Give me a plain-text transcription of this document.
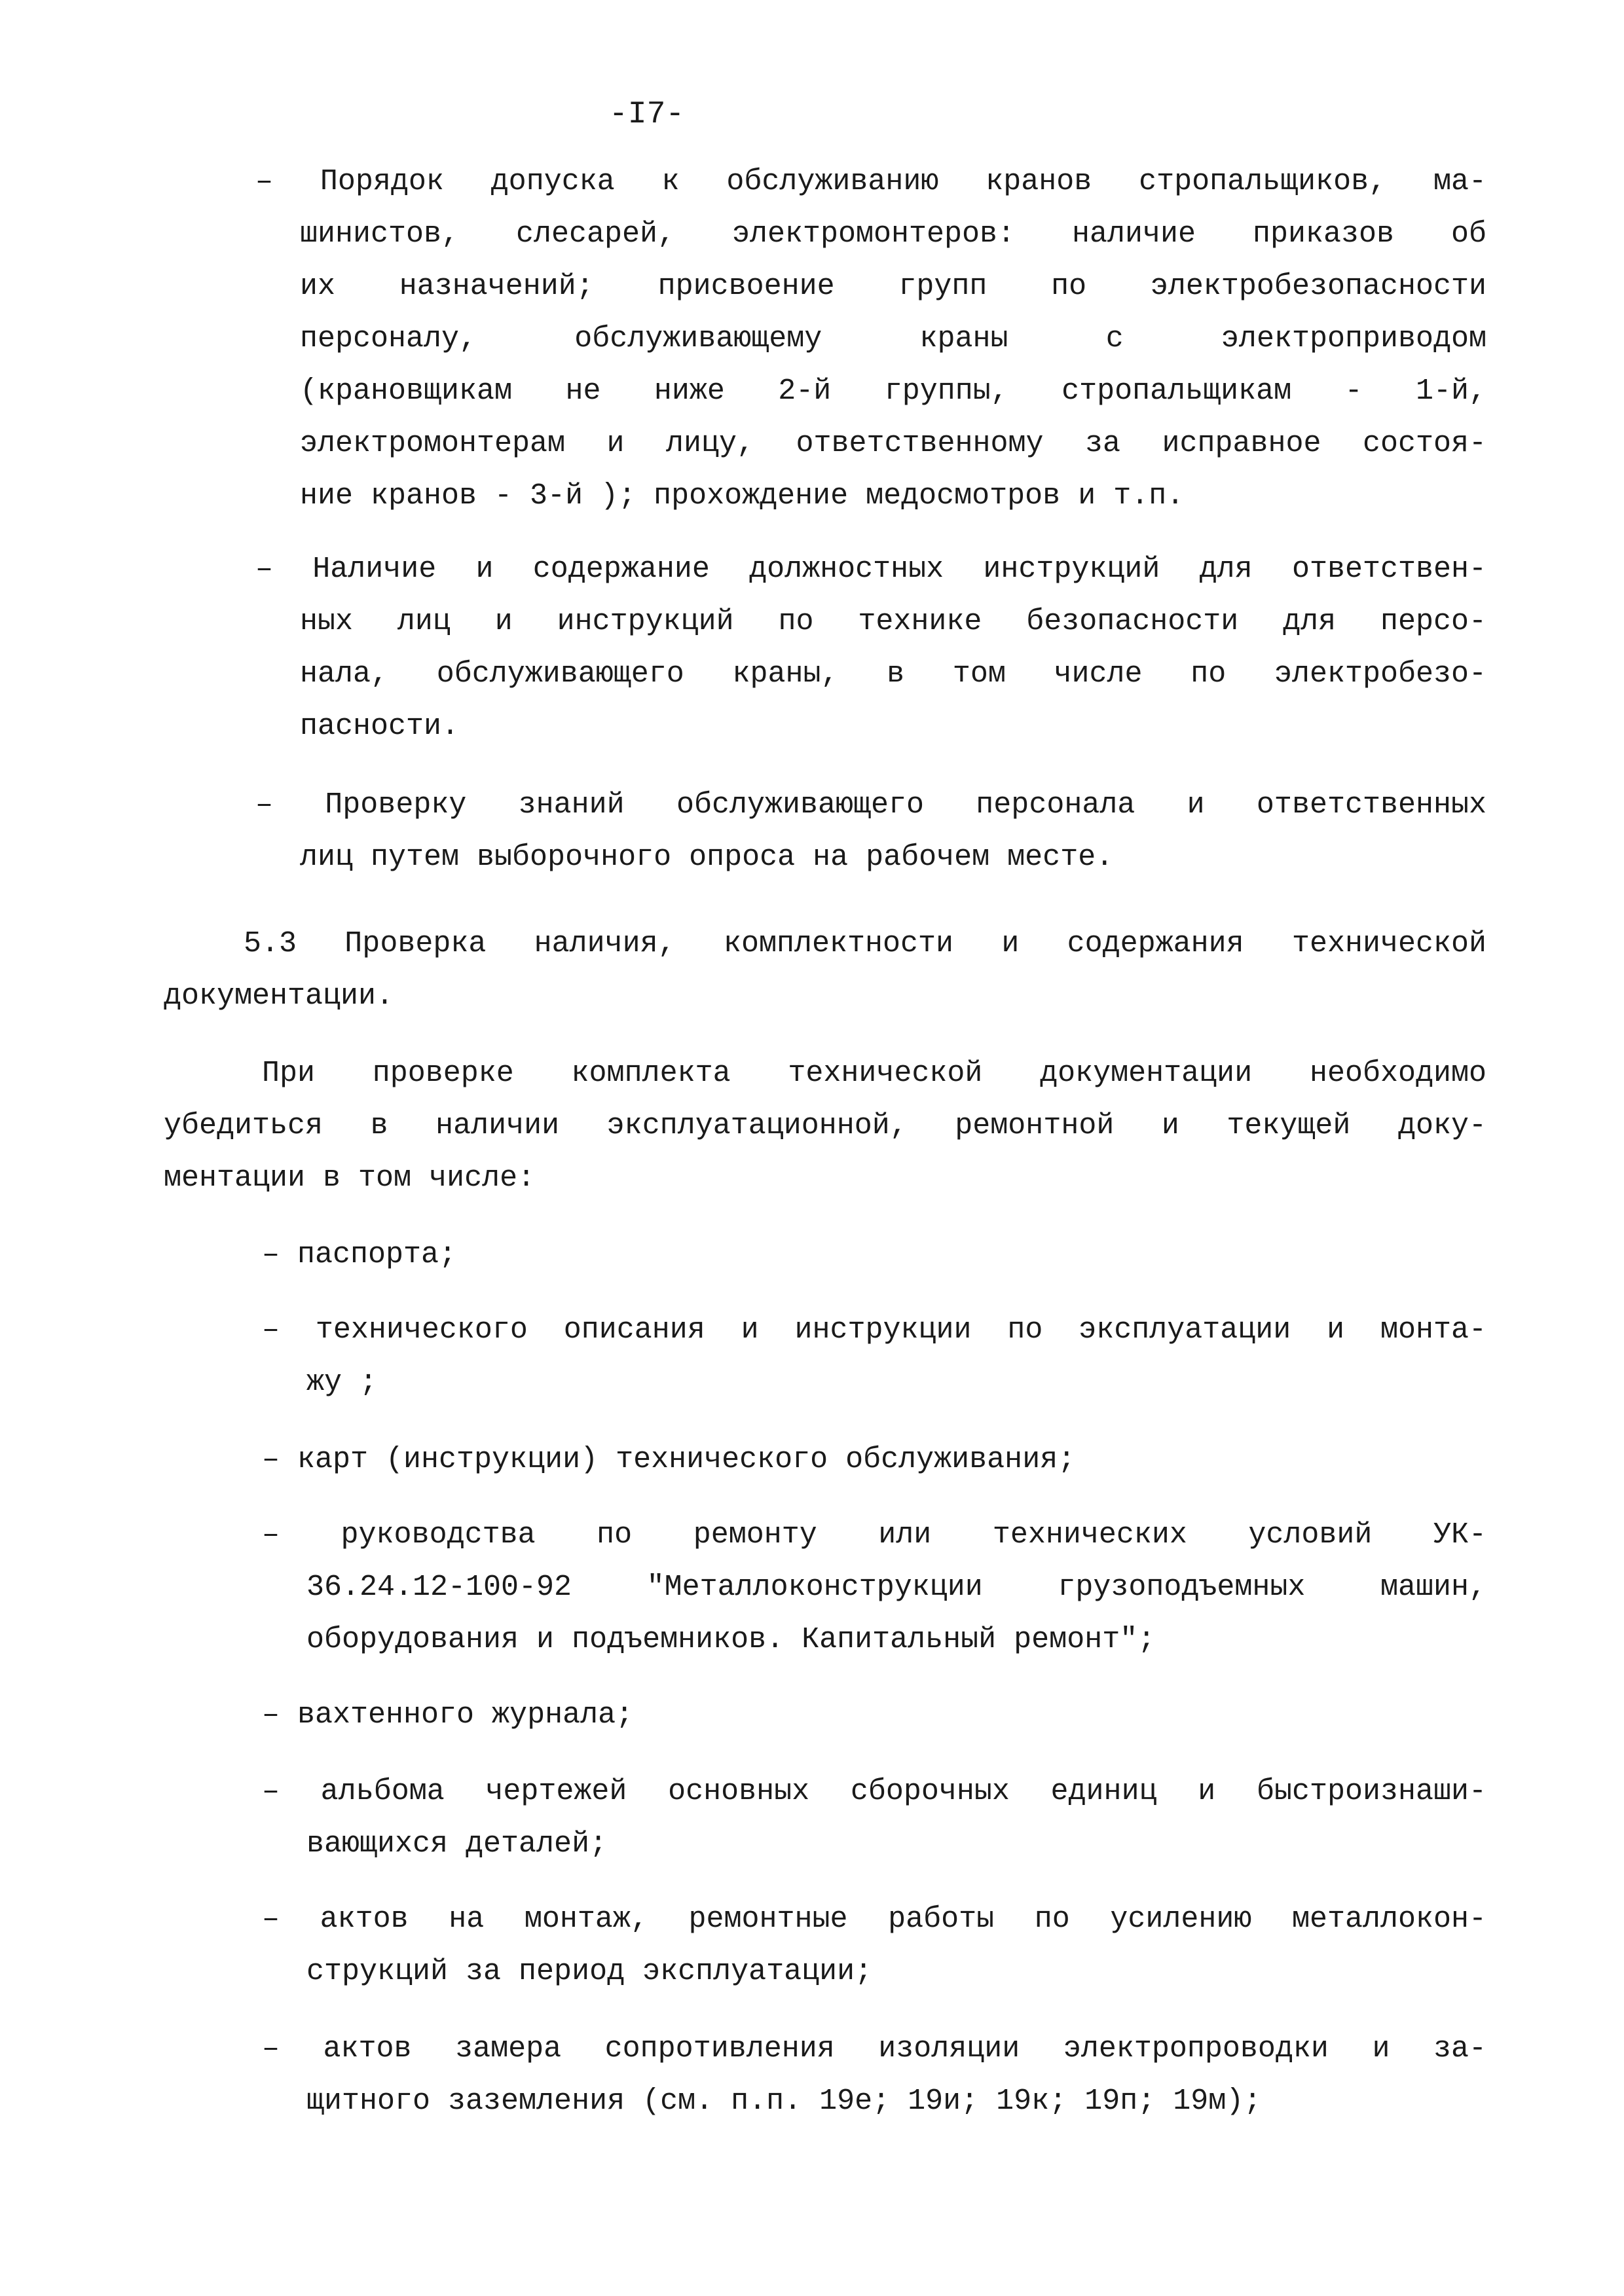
-I7-
– Порядок допуска к обслуживанию кранов стропальщиков, ма-
шинистов, слесарей, электромонтеров: наличие приказов об
их назначений; присвоение групп по электробезопасности
персоналу, обслуживающему краны с электроприводом
(крановщикам не ниже 2-й группы, стропальщикам - 1-й,
электромонтерам и лицу, ответственному за исправное состоя-
ние кранов - 3-й ); прохождение медосмотров и т.п.
– Наличие и содержание должностных инструкций для ответствен-
ных лиц и инструкций по технике безопасности для персо-
нала, обслуживающего краны, в том числе по электробезо-
пасности.
– Проверку знаний обслуживающего персонала и ответственных
лиц путем выборочного опроса на рабочем месте.
5.3 Проверка наличия, комплектности и содержания технической
документации.
При проверке комплекта технической документации необходимо
убедиться в наличии эксплуатационной, ремонтной и текущей доку-
ментации в том числе:
– паспорта;
– технического описания и инструкции по эксплуатации и монта-
жу ;
– карт (инструкции) технического обслуживания;
– руководства по ремонту или технических условий УК-
36.24.12-100-92 "Металлоконструкции грузоподъемных машин,
оборудования и подъемников. Капитальный ремонт";
– вахтенного журнала;
– альбома чертежей основных сборочных единиц и быстроизнаши-
вающихся деталей;
– актов на монтаж, ремонтные работы по усилению металлокон-
струкций за период эксплуатации;
– актов замера сопротивления изоляции электропроводки и за-
щитного заземления (см. п.п. 19е; 19и; 19к; 19п; 19м);
